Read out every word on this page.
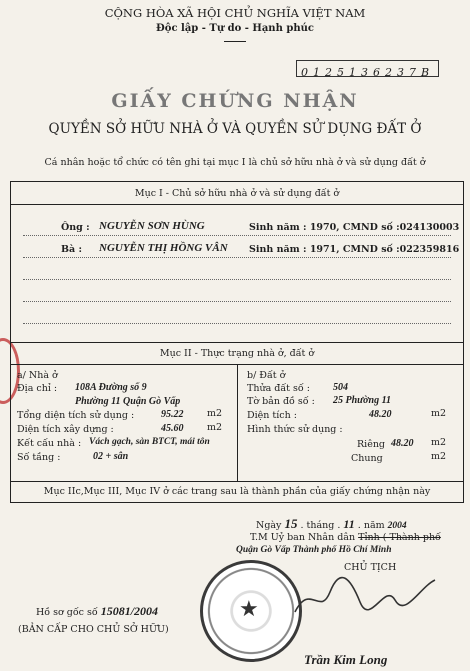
CỘNG HÒA XÃ HỘI CHỦ NGHĨA VIỆT NAM
Độc lập - Tự do - Hạnh phúc
0125136237B
GIẤY CHỨNG NHẬN
QUYỀN SỞ HỮU NHÀ Ở VÀ QUYỀN SỬ DỤNG ĐẤT Ở
Cá nhân hoặc tổ chức có tên ghi tại mục I là chủ sở hữu nhà ở và sử dụng đất ở
Mục I - Chủ sở hữu nhà ở và sử dụng đất ở
Ông : NGUYỄN SƠN HÙNG	Sinh năm : 1970, CMND số :024130003
Bà : NGUYỄN THỊ HỒNG VÂN Sinh năm : 1971, CMND số :022359816
Mục II - Thực trạng nhà ở, đất ở
a/ Nhà ở
Địa chỉ : 108A Đường số 9
Phường 11 Quận Gò Vấp
Tổng diện tích sử dụng :	95.22 m2
Diện tích xây dựng :	45.60 m2
Kết cấu nhà : Vách gạch, sàn BTCT, mái tôn
Số tầng :	02 + sân
b/ Đất ở
Thửa đất số : 504
Tờ bản đồ số : 25 Phường 11
Diện tích :	48.20	m2
Hình thức sử dụng :
Riêng 48.20 m2
Chung	m2
Mục IIc,Mục III, Mục IV ở các trang sau là thành phần của giấy chứng nhận này
Ngày 15 . tháng . 11 . năm 2004
T.M Uỷ ban Nhân dân Tỉnh ( Thành phố
Quận Gò Vấp Thành phố Hồ Chí Minh
CHỦ TỊCH
★
Trần Kim Long
Hồ sơ gốc số 15081/2004
(BẢN CẤP CHO CHỦ SỞ HỮU)
